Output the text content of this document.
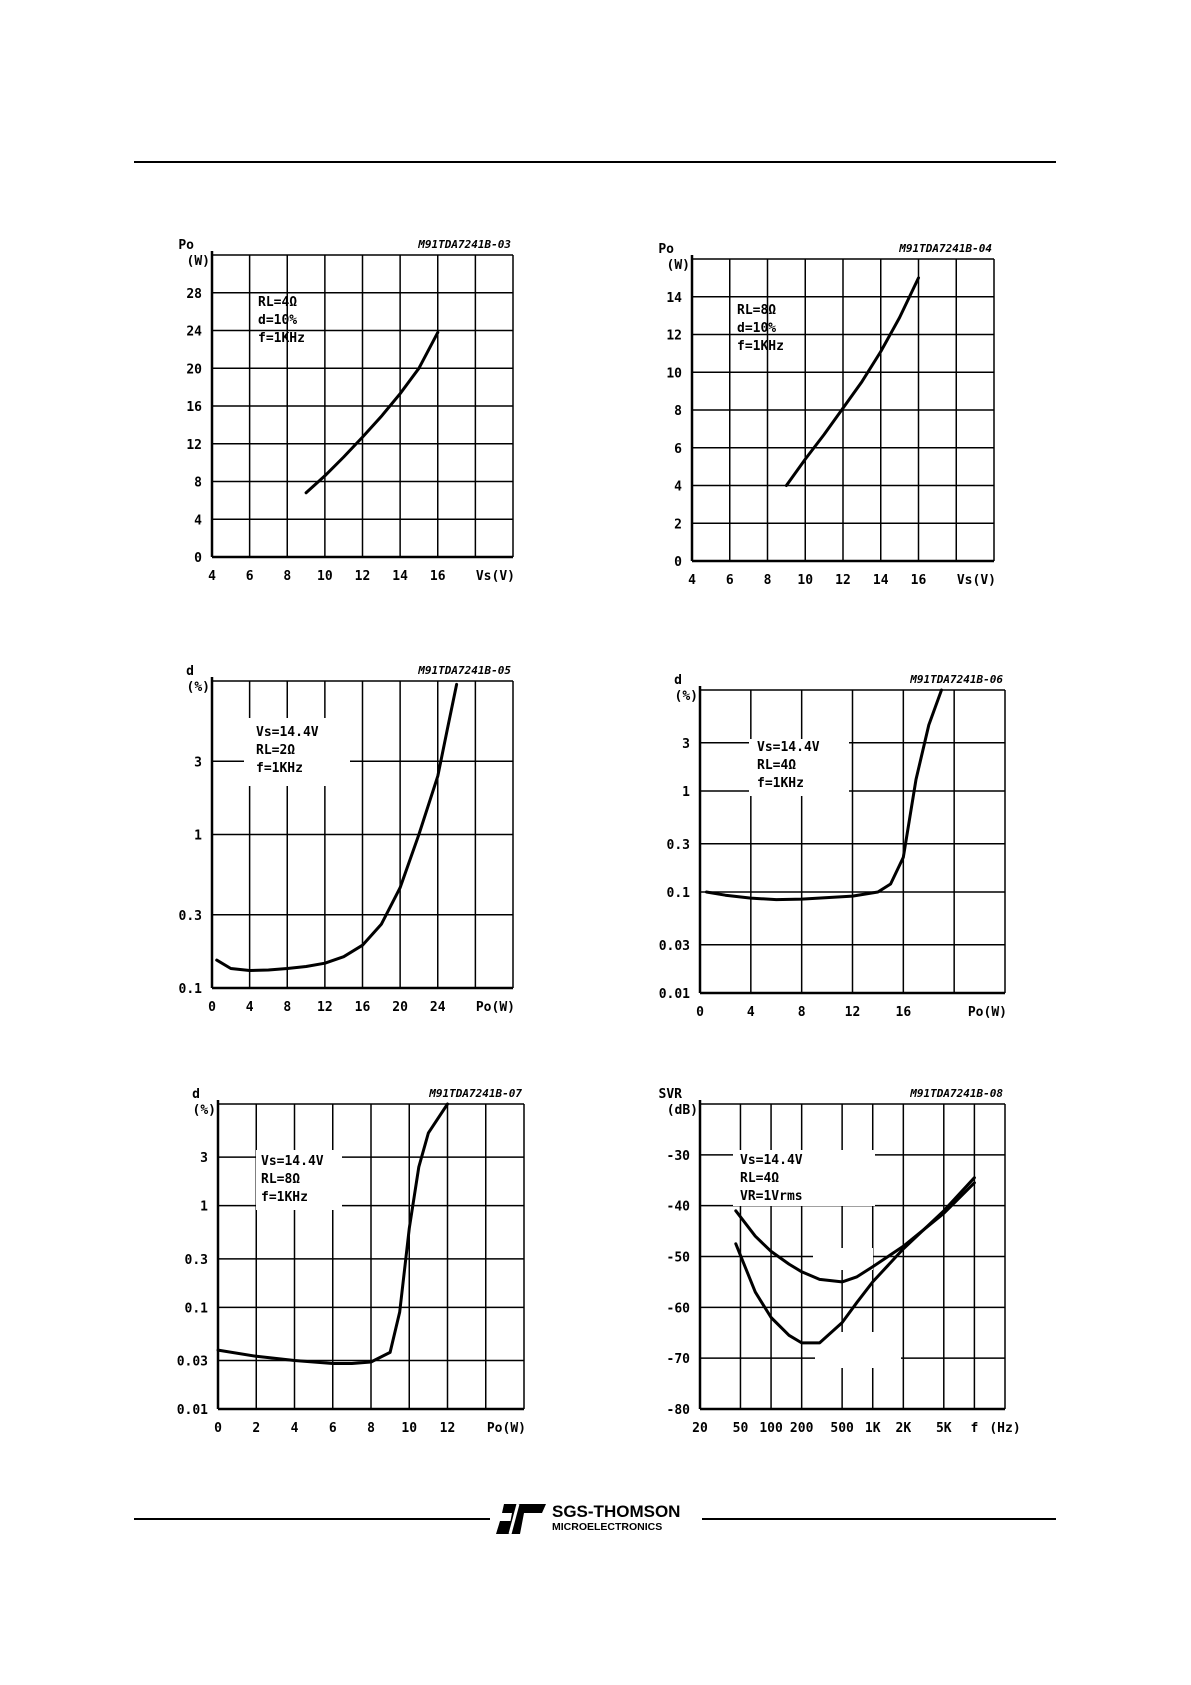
0
4
8
12
16
20
24
28
4 6 8 10 12 14 16 Vs(V)
Po
(W)
M91TDA7241B-03
RL=4Ω
d=10%
f=1KHz
0
2
4
6
8
10
12
14
4 6 8 10 12 14 16 Vs(V)
Po
(W)
M91TDA7241B-04
RL=8Ω
d=10%
f=1KHz
0.1
0.3
1
3
0 4 8 12 16 20 24 Po(W)
d
(%)
M91TDA7241B-05
Vs=14.4V
RL=2Ω
f=1KHz
0.01
0.03
0.1
0.3
1
3
0	4	8	12	16	Po(W)
d
(%)
M91TDA7241B-06
Vs=14.4V
RL=4Ω
f=1KHz
0.01
0.03
0.1
0.3
1
3
0 2 4 6 8 10 12 Po(W)
d
(%)
M91TDA7241B-07
Vs=14.4V
RL=8Ω
f=1KHz
-80
-70
-60
-50
-40
-30
20 50 100 200 500 1K 2K 5K f (Hz)
SVR
(dB)
M91TDA7241B-08
Vs=14.4V
RL=4Ω
VR=1Vrms
SGS-THOMSON
MICROELECTRONICS
